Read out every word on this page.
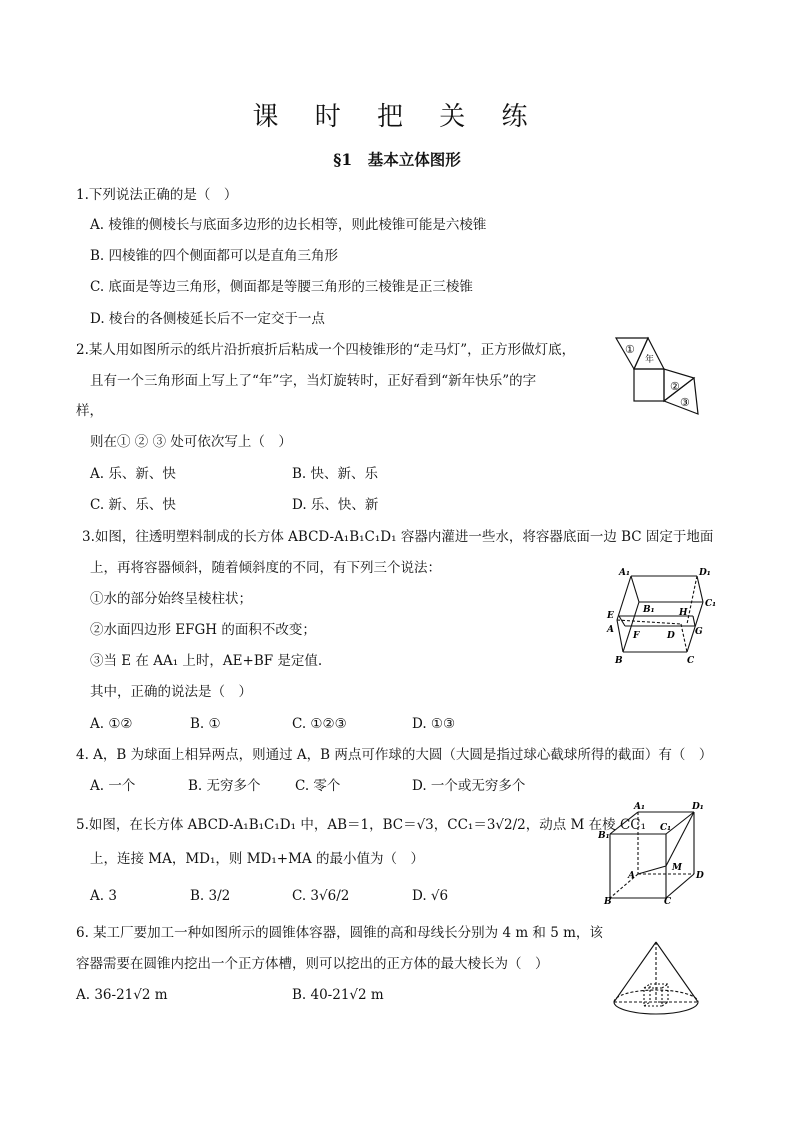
课 时 把 关 练
§1　基本立体图形
1.下列说法正确的是（　）
A. 棱锥的侧棱长与底面多边形的边长相等，则此棱锥可能是六棱锥
B. 四棱锥的四个侧面都可以是直角三角形
C. 底面是等边三角形，侧面都是等腰三角形的三棱锥是正三棱锥
D. 棱台的各侧棱延长后不一定交于一点
2.某人用如图所示的纸片沿折痕折后粘成一个四棱锥形的“走马灯”，正方形做灯底，
且有一个三角形面上写上了“年”字，当灯旋转时，正好看到“新年快乐”的字
样，
则在① ② ③ 处可依次写上（　）
A. 乐、新、快	B. 快、新、乐
C. 新、乐、快	D. 乐、快、新
①
年
②
③
3.如图，往透明塑料制成的长方体 ABCD-A₁B₁C₁D₁ 容器内灌进一些水，将容器底面一边 BC 固定于地面
上，再将容器倾斜，随着倾斜度的不同，有下列三个说法：
①水的部分始终呈棱柱状；
②水面四边形 EFGH 的面积不改变；
③当 E 在 AA₁ 上时，AE+BF 是定值.
其中，正确的说法是（　）
A. ①②	B. ①	C. ①②③	D. ①③
A₁	D₁
B₁
C₁
H
E
A
F	D G
B	C
4. A，B 为球面上相异两点，则通过 A，B 两点可作球的大圆（大圆是指过球心截球所得的截面）有（　）
A. 一个	B. 无穷多个	C. 零个	D. 一个或无穷多个
5.如图，在长方体 ABCD-A₁B₁C₁D₁ 中，AB＝1，BC＝√3，CC₁＝3√2/2，动点 M 在棱 CC₁
上，连接 MA，MD₁，则 MD₁+MA 的最小值为（　）
A. 3	B. 3/2	C. 3√6/2	D. √6
A₁	D₁
C₁
B₁
M
A	D
B	C
6. 某工厂要加工一种如图所示的圆锥体容器，圆锥的高和母线长分别为 4 m 和 5 m，该
容器需要在圆锥内挖出一个正方体槽，则可以挖出的正方体的最大棱长为（　）
A. 36-21√2 m	B. 40-21√2 m
